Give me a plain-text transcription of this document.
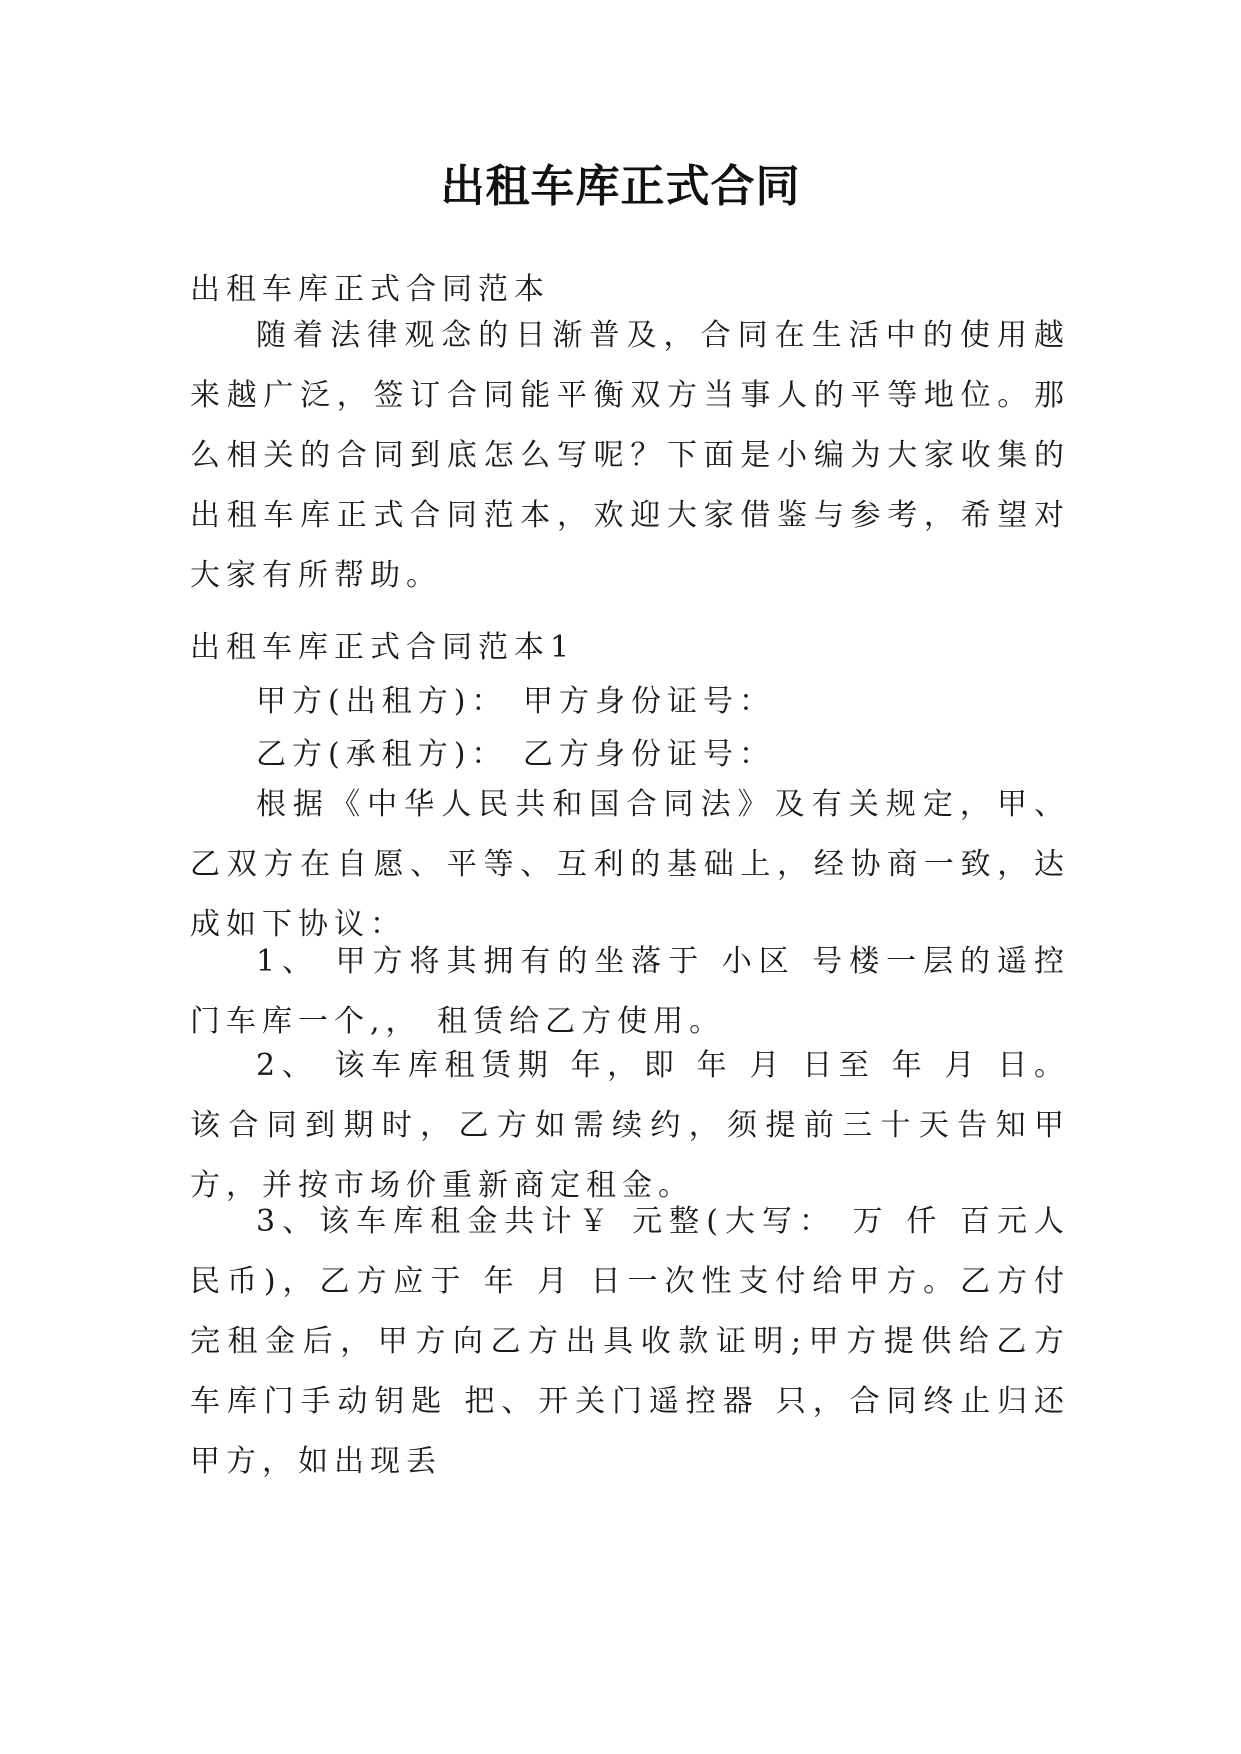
出租车库正式合同
出租车库正式合同范本
随着法律观念的日渐普及，合同在生活中的使用越来越广泛，签订合同能平衡双方当事人的平等地位。那么相关的合同到底怎么写呢？下面是小编为大家收集的出租车库正式合同范本，欢迎大家借鉴与参考，希望对大家有所帮助。
出租车库正式合同范本1
甲方(出租方)： 甲方身份证号：
乙方(承租方)： 乙方身份证号：
根据《中华人民共和国合同法》及有关规定，甲、乙双方在自愿、平等、互利的基础上，经协商一致，达成如下协议：
1、 甲方将其拥有的坐落于 小区 号楼一层的遥控门车库一个,， 租赁给乙方使用。
2、 该车库租赁期 年，即 年 月 日至 年 月 日。该合同到期时，乙方如需续约，须提前三十天告知甲方，并按市场价重新商定租金。
3、该车库租金共计￥ 元整(大写： 万 仟 百元人民币)，乙方应于 年 月 日一次性支付给甲方。乙方付完租金后，甲方向乙方出具收款证明;甲方提供给乙方车库门手动钥匙 把、开关门遥控器 只，合同终止归还甲方，如出现丢
